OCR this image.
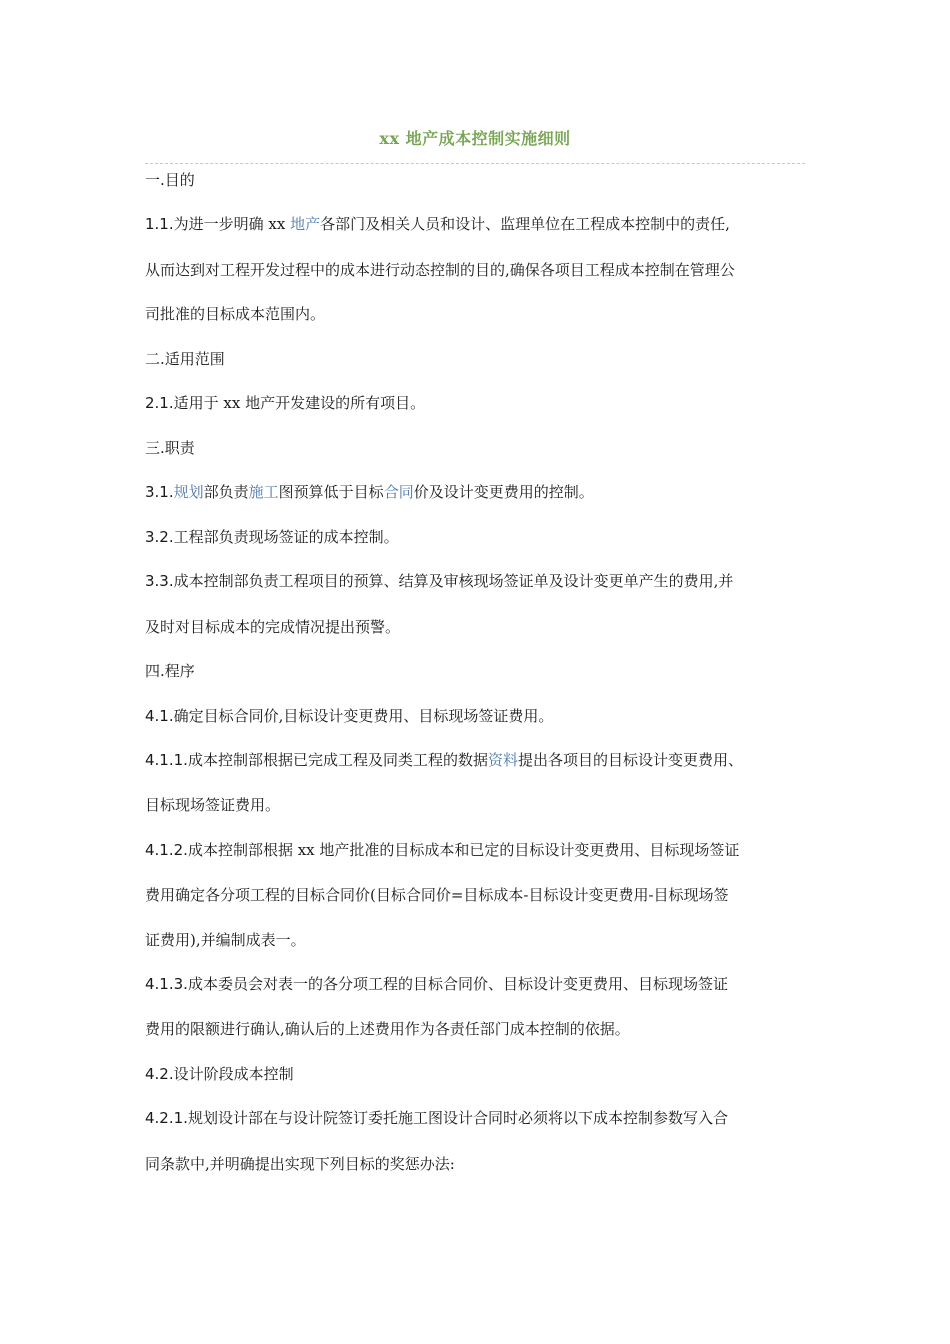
xx 地产成本控制实施细则
一.目的
1.1.为进一步明确 xx 地产各部门及相关人员和设计、监理单位在工程成本控制中的责任,
从而达到对工程开发过程中的成本进行动态控制的目的,确保各项目工程成本控制在管理公
司批准的目标成本范围内。
二.适用范围
2.1.适用于 xx 地产开发建设的所有项目。
三.职责
3.1.规划部负责施工图预算低于目标合同价及设计变更费用的控制。
3.2.工程部负责现场签证的成本控制。
3.3.成本控制部负责工程项目的预算、结算及审核现场签证单及设计变更单产生的费用,并
及时对目标成本的完成情况提出预警。
四.程序
4.1.确定目标合同价,目标设计变更费用、目标现场签证费用。
4.1.1.成本控制部根据已完成工程及同类工程的数据资料提出各项目的目标设计变更费用、
目标现场签证费用。
4.1.2.成本控制部根据 xx 地产批准的目标成本和已定的目标设计变更费用、目标现场签证
费用确定各分项工程的目标合同价(目标合同价=目标成本-目标设计变更费用-目标现场签
证费用),并编制成表一。
4.1.3.成本委员会对表一的各分项工程的目标合同价、目标设计变更费用、目标现场签证
费用的限额进行确认,确认后的上述费用作为各责任部门成本控制的依据。
4.2.设计阶段成本控制
4.2.1.规划设计部在与设计院签订委托施工图设计合同时必须将以下成本控制参数写入合
同条款中,并明确提出实现下列目标的奖惩办法:
